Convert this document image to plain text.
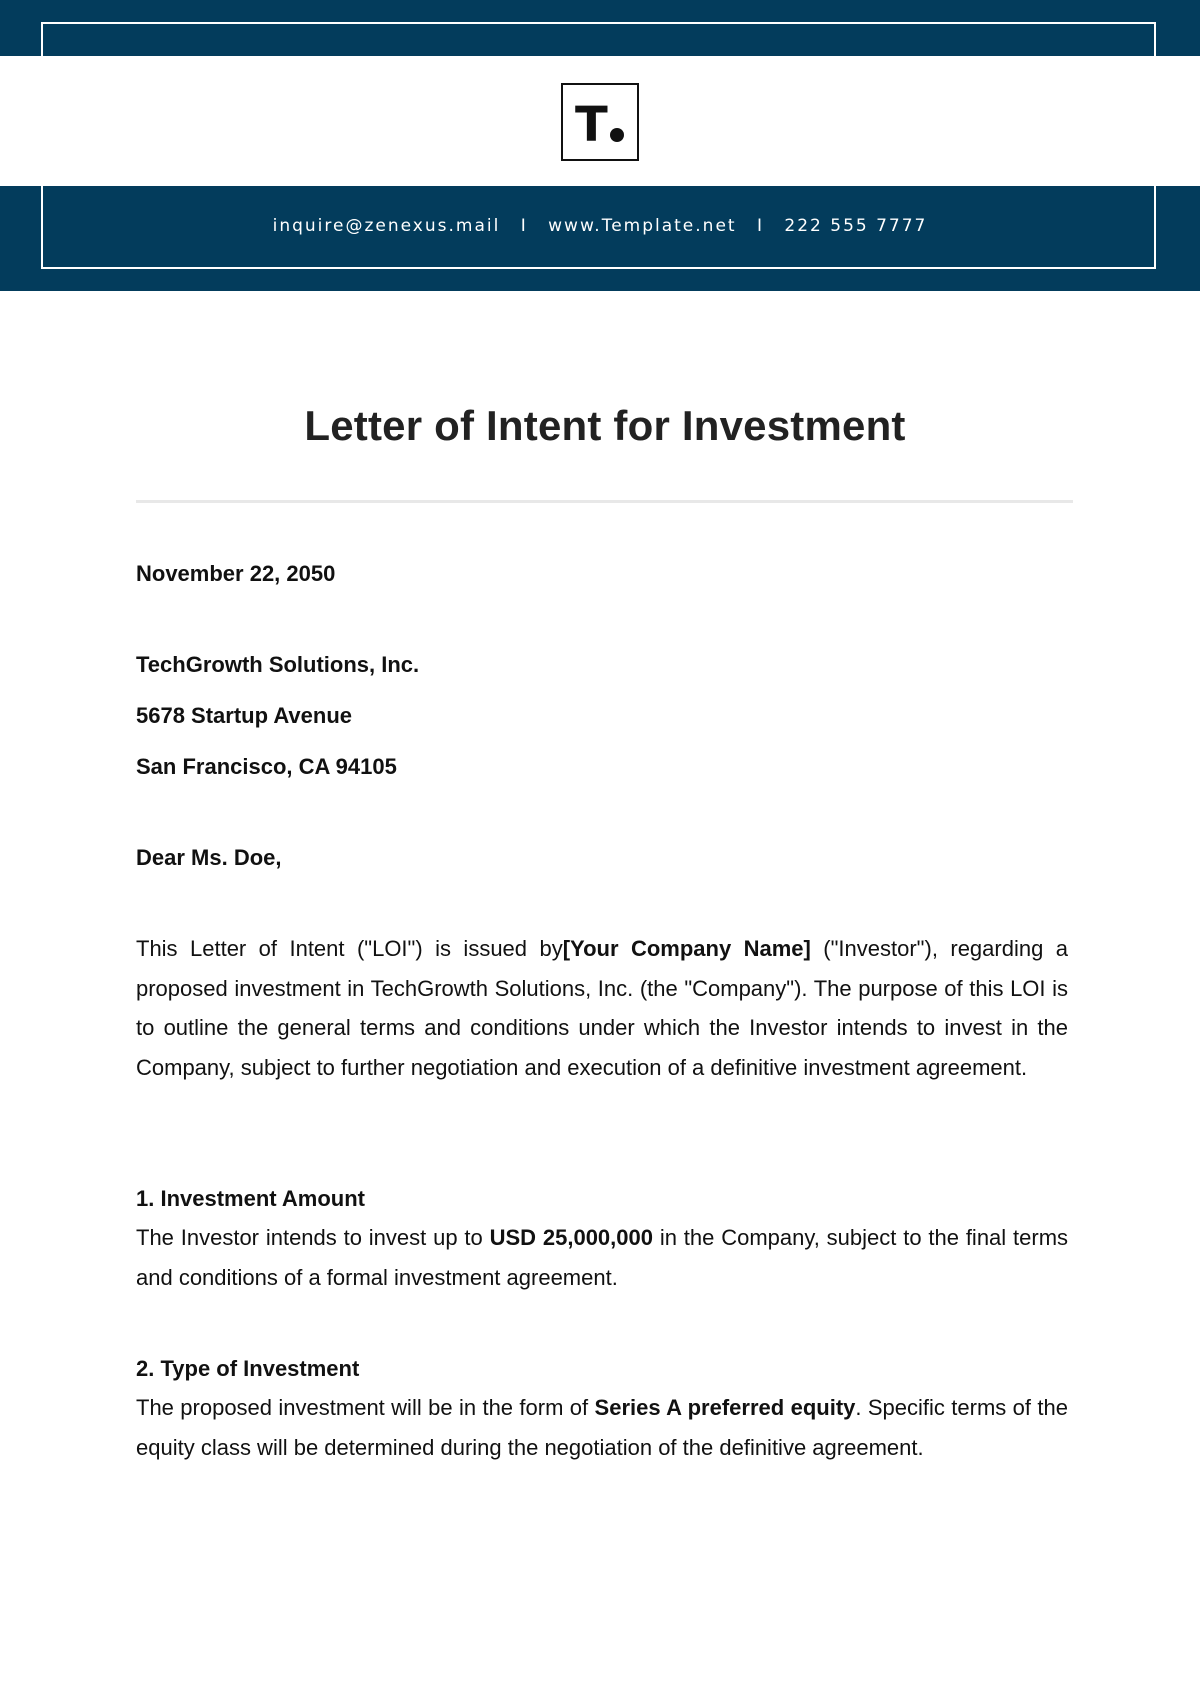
T
inquire@zenexus.mail I www.Template.net I 222 555 7777
Letter of Intent for Investment

November 22, 2050

TechGrowth Solutions, Inc.

5678 Startup Avenue

San Francisco, CA 94105

Dear Ms. Doe,

This Letter of Intent ("LOI") is issued by[Your Company Name] ("Investor"), regarding a proposed investment in TechGrowth Solutions, Inc. (the "Company"). The purpose of this LOI is to outline the general terms and conditions under which the Investor intends to invest in the Company, subject to further negotiation and execution of a definitive investment agreement.

1. Investment Amount

The Investor intends to invest up to USD 25,000,000 in the Company, subject to the final terms and conditions of a formal investment agreement.

2. Type of Investment

The proposed investment will be in the form of Series A preferred equity. Specific terms of the equity class will be determined during the negotiation of the definitive agreement.
